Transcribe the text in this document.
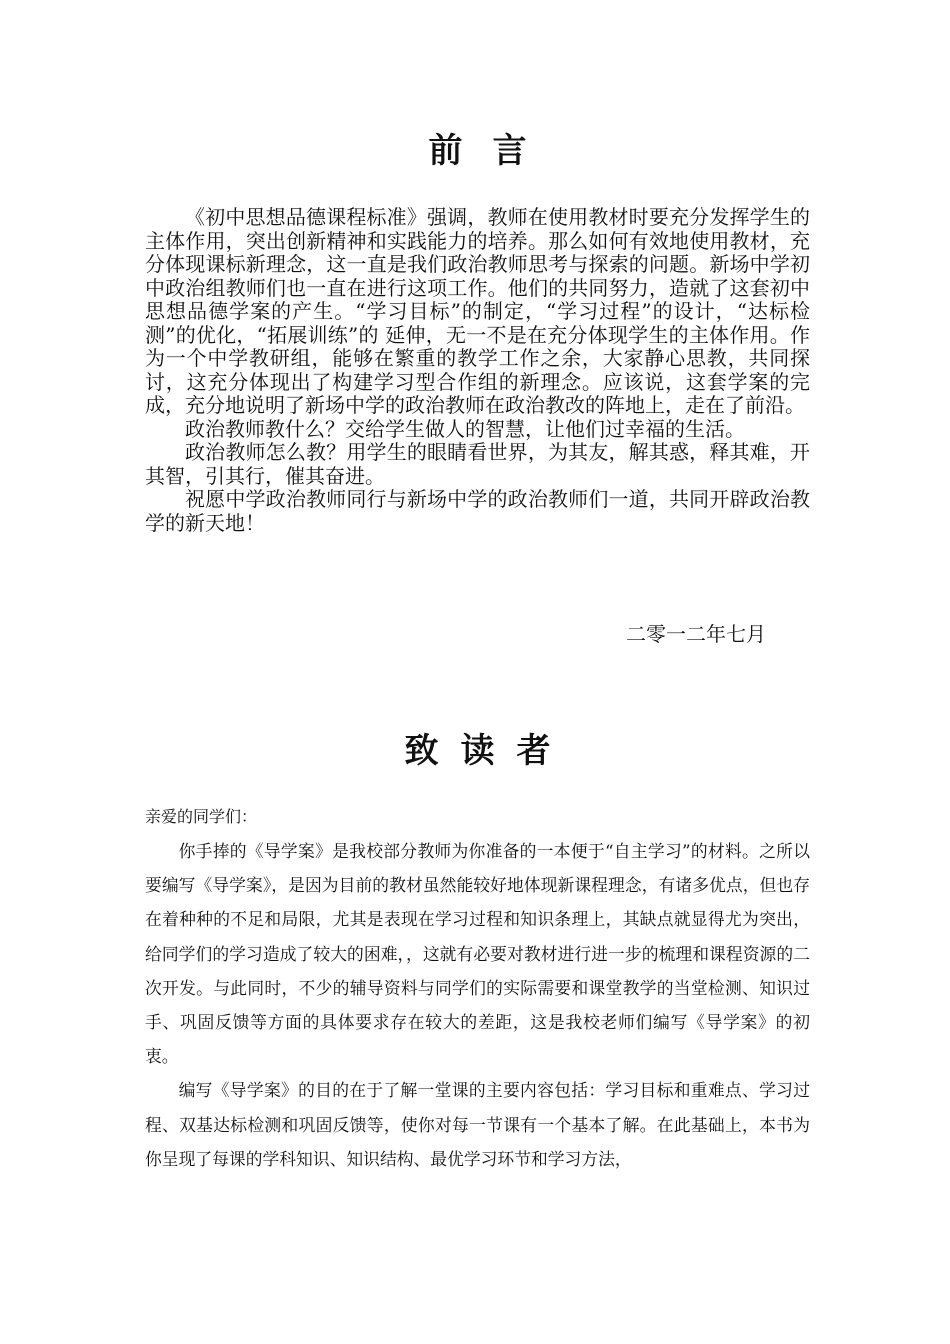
前言

《初中思想品德课程标准》强调，教师在使用教材时要充分发挥学生的主体作用，突出创新精神和实践能力的培养。那么如何有效地使用教材，充分体现课标新理念，这一直是我们政治教师思考与探索的问题。新场中学初中政治组教师们也一直在进行这项工作。他们的共同努力，造就了这套初中思想品德学案的产生。“学习目标”的制定，“学习过程”的设计，“达标检测”的优化，“拓展训练”的 延伸，无一不是在充分体现学生的主体作用。作为一个中学教研组，能够在繁重的教学工作之余，大家静心思教，共同探讨，这充分体现出了构建学习型合作组的新理念。应该说，这套学案的完成，充分地说明了新场中学的政治教师在政治教改的阵地上，走在了前沿。

政治教师教什么？交给学生做人的智慧，让他们过幸福的生活。

政治教师怎么教？用学生的眼睛看世界，为其友，解其惑，释其难，开其智，引其行，催其奋进。

祝愿中学政治教师同行与新场中学的政治教师们一道，共同开辟政治教学的新天地！

二零一二年七月
致读者

亲爱的同学们：

你手捧的《导学案》是我校部分教师为你准备的一本便于“自主学习”的材料。之所以要编写《导学案》，是因为目前的教材虽然能较好地体现新课程理念，有诸多优点，但也存在着种种的不足和局限，尤其是表现在学习过程和知识条理上，其缺点就显得尤为突出，给同学们的学习造成了较大的困难，，这就有必要对教材进行进一步的梳理和课程资源的二次开发。与此同时，不少的辅导资料与同学们的实际需要和课堂教学的当堂检测、知识过手、巩固反馈等方面的具体要求存在较大的差距，这是我校老师们编写《导学案》的初衷。

编写《导学案》的目的在于了解一堂课的主要内容包括：学习目标和重难点、学习过程、双基达标检测和巩固反馈等，使你对每一节课有一个基本了解。在此基础上，本书为你呈现了每课的学科知识、知识结构、最优学习环节和学习方法，
